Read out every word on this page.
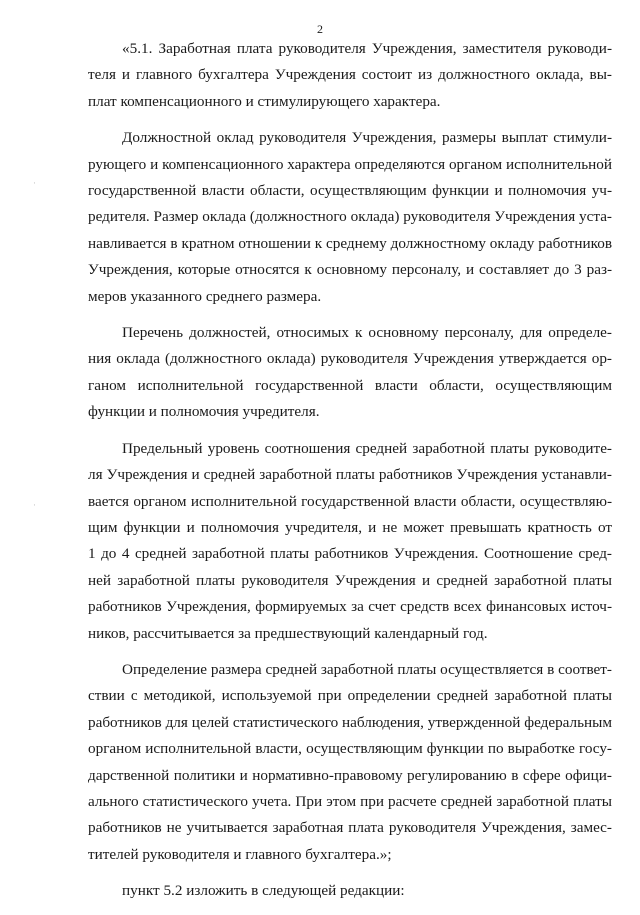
2
·
·
«5.1. Заработная плата руководителя Учреждения, заместителя руководи-
теля и главного бухгалтера Учреждения состоит из должностного оклада, вы-
плат компенсационного и стимулирующего характера.
Должностной оклад руководителя Учреждения, размеры выплат стимули-
рующего и компенсационного характера определяются органом исполнительной
государственной власти области, осуществляющим функции и полномочия уч-
редителя. Размер оклада (должностного оклада) руководителя Учреждения уста-
навливается в кратном отношении к среднему должностному окладу работников
Учреждения, которые относятся к основному персоналу, и составляет до 3 раз-
меров указанного среднего размера.
Перечень должностей, относимых к основному персоналу, для определе-
ния оклада (должностного оклада) руководителя Учреждения утверждается ор-
ганом исполнительной государственной власти области, осуществляющим
функции и полномочия учредителя.
Предельный уровень соотношения средней заработной платы руководите-
ля Учреждения и средней заработной платы работников Учреждения устанавли-
вается органом исполнительной государственной власти области, осуществляю-
щим функции и полномочия учредителя, и не может превышать кратность от
1 до 4 средней заработной платы работников Учреждения. Соотношение сред-
ней заработной платы руководителя Учреждения и средней заработной платы
работников Учреждения, формируемых за счет средств всех финансовых источ-
ников, рассчитывается за предшествующий календарный год.
Определение размера средней заработной платы осуществляется в соответ-
ствии с методикой, используемой при определении средней заработной платы
работников для целей статистического наблюдения, утвержденной федеральным
органом исполнительной власти, осуществляющим функции по выработке госу-
дарственной политики и нормативно-правовому регулированию в сфере офици-
ального статистического учета. При этом при расчете средней заработной платы
работников не учитывается заработная плата руководителя Учреждения, замес-
тителей руководителя и главного бухгалтера.»;
пункт 5.2 изложить в следующей редакции:
